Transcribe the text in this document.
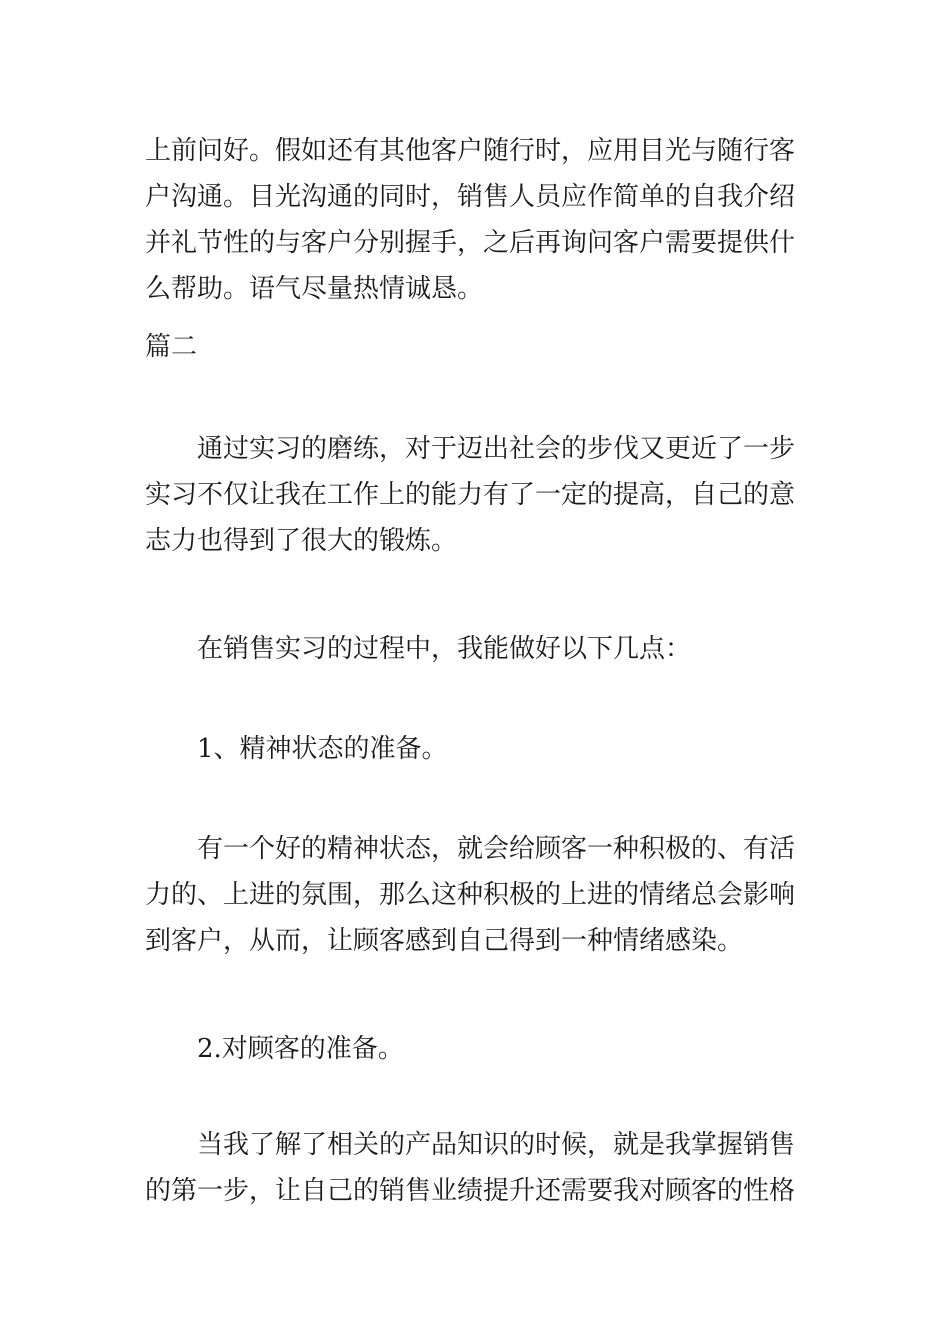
上前问好。假如还有其他客户随行时，应用目光与随行客
户沟通。目光沟通的同时，销售人员应作简单的自我介绍
并礼节性的与客户分别握手，之后再询问客户需要提供什
么帮助。语气尽量热情诚恳。
篇二
通过实习的磨练，对于迈出社会的步伐又更近了一步
实习不仅让我在工作上的能力有了一定的提高，自己的意
志力也得到了很大的锻炼。
在销售实习的过程中，我能做好以下几点：
1、精神状态的准备。
有一个好的精神状态，就会给顾客一种积极的、有活
力的、上进的氛围，那么这种积极的上进的情绪总会影响
到客户，从而，让顾客感到自己得到一种情绪感染。
2.对顾客的准备。
当我了解了相关的产品知识的时候，就是我掌握销售
的第一步，让自己的销售业绩提升还需要我对顾客的性格
